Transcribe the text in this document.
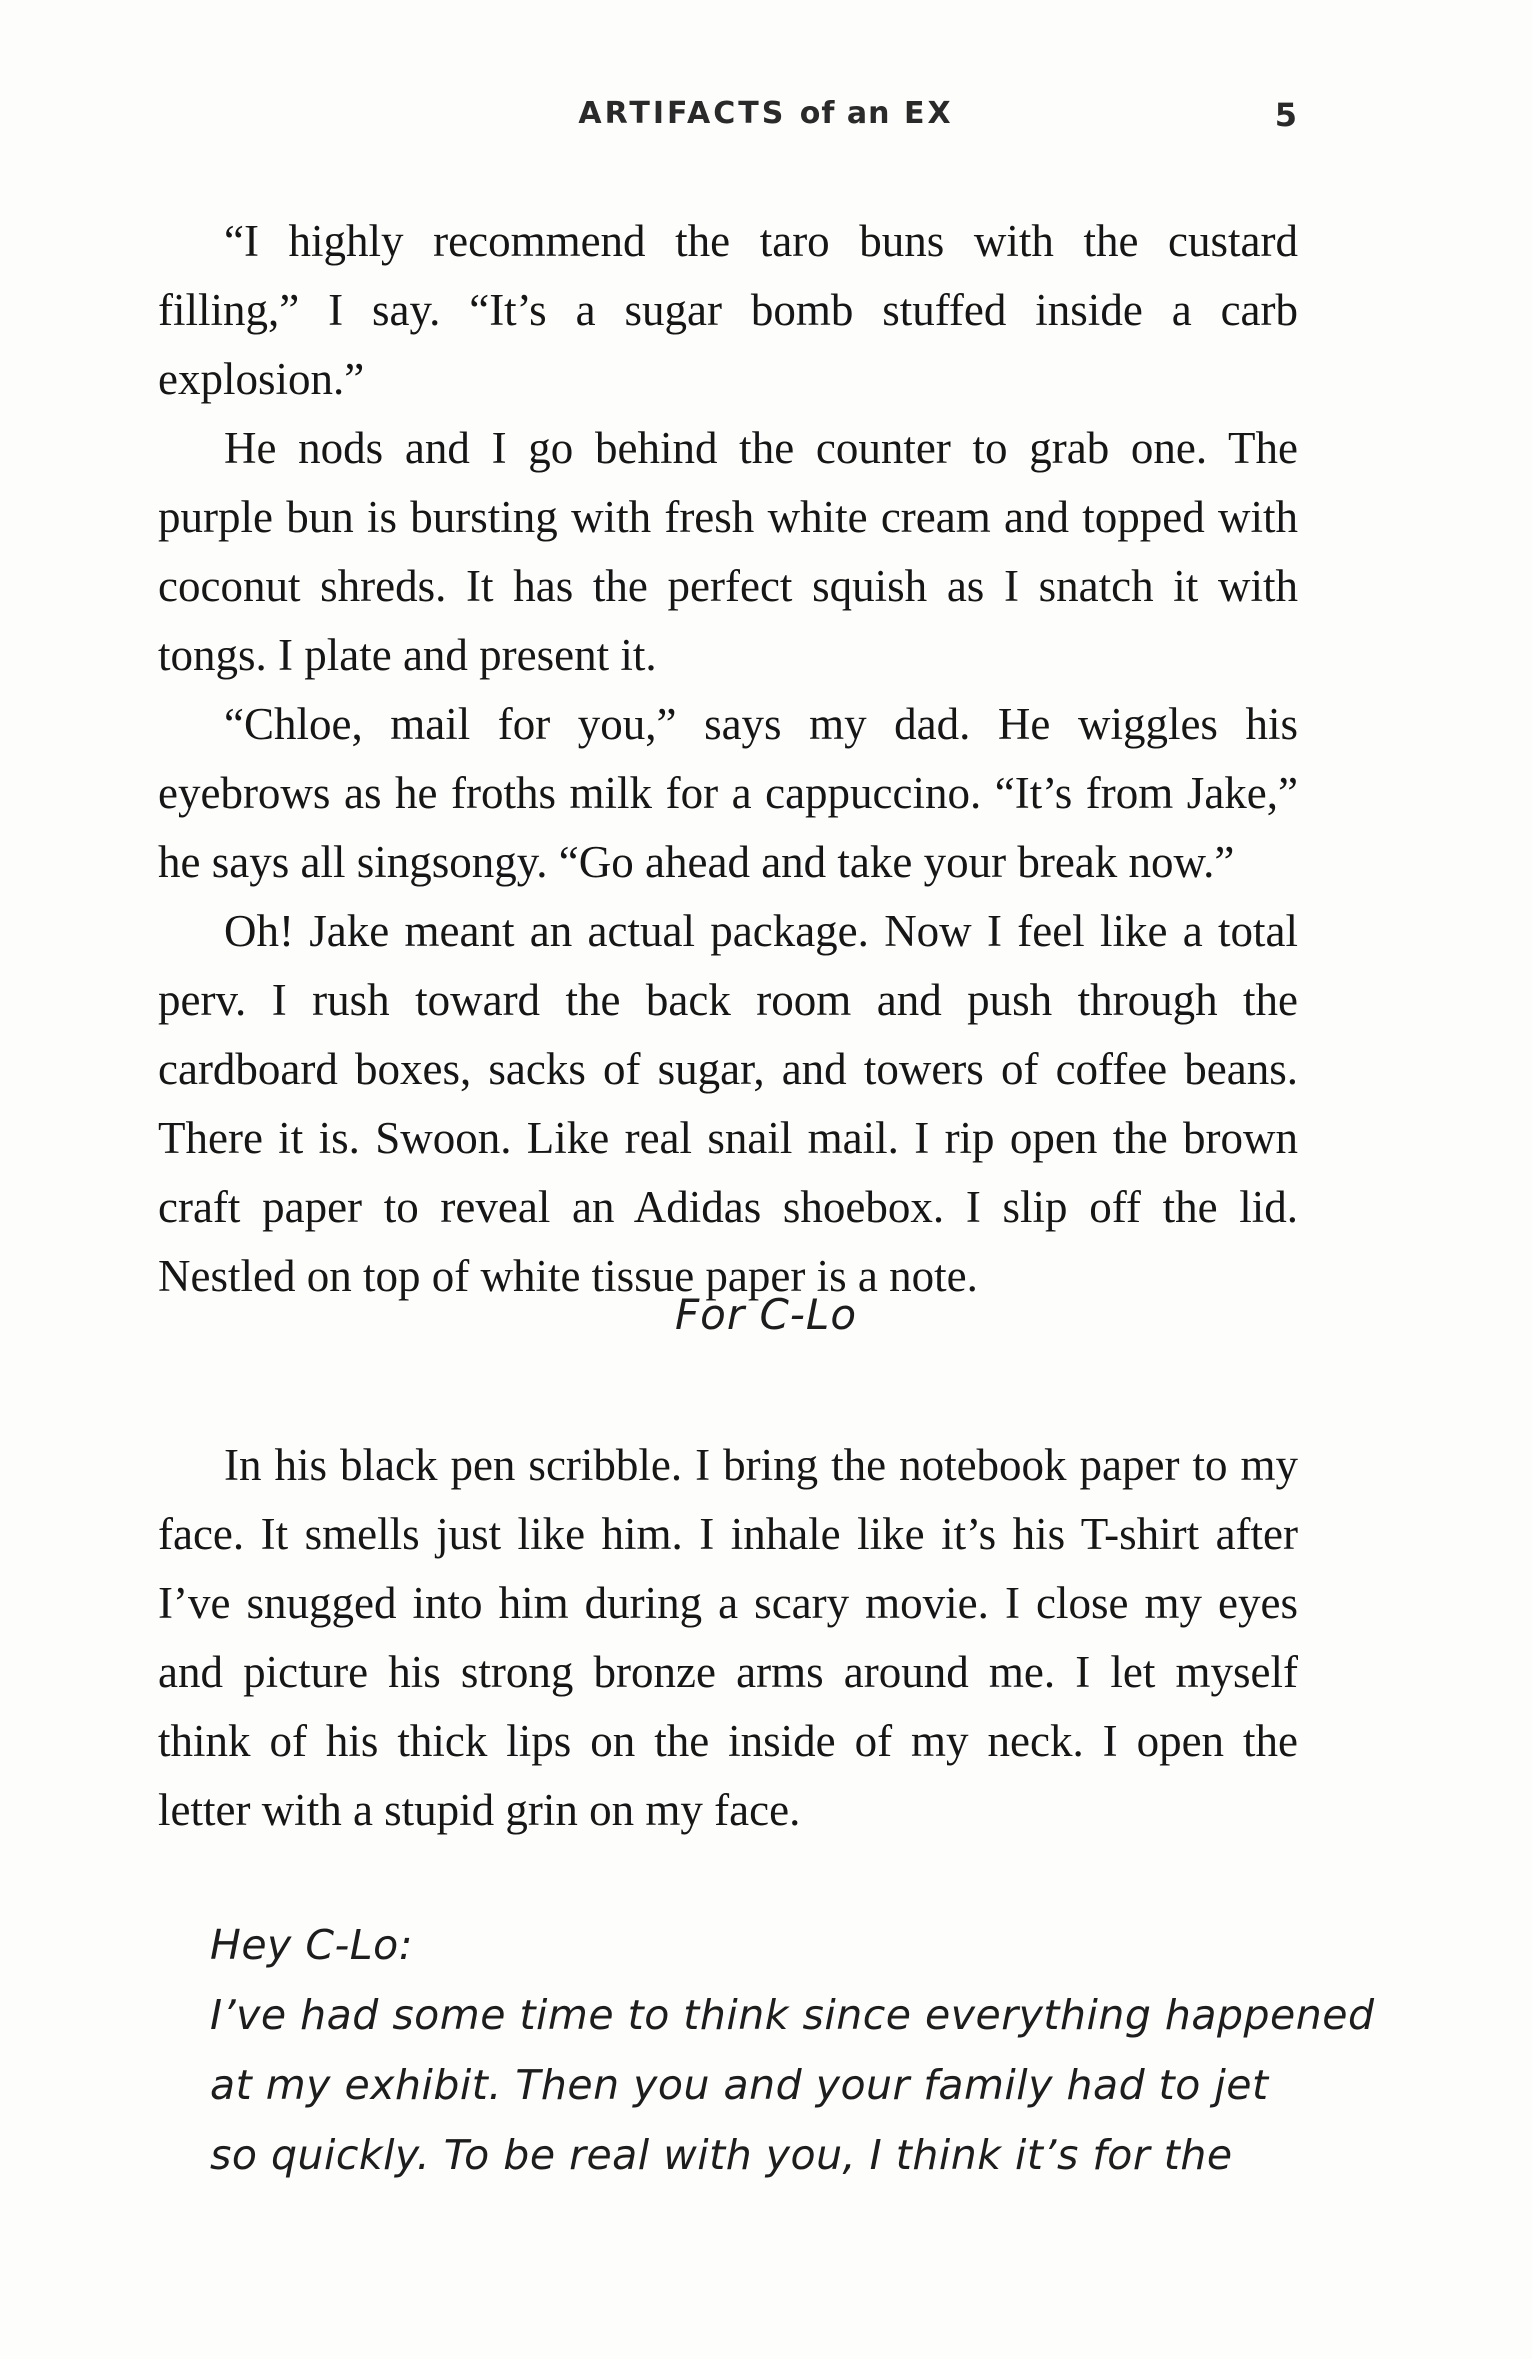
ARTIFACTS of an EX	5

“I highly recommend the taro buns with the custard filling,” I say. “It’s a sugar bomb stuffed inside a carb explosion.”

He nods and I go behind the counter to grab one. The purple bun is bursting with fresh white cream and topped with coconut shreds. It has the perfect squish as I snatch it with tongs. I plate and present it.

“Chloe, mail for you,” says my dad. He wiggles his eyebrows as he froths milk for a cappuccino. “It’s from Jake,” he says all singsongy. “Go ahead and take your break now.”

Oh! Jake meant an actual package. Now I feel like a total perv. I rush toward the back room and push through the cardboard boxes, sacks of sugar, and towers of coffee beans. There it is. Swoon. Like real snail mail. I rip open the brown craft paper to reveal an Adidas shoebox. I slip off the lid. Nestled on top of white tissue paper is a note.

For C-Lo

In his black pen scribble. I bring the notebook paper to my face. It smells just like him. I inhale like it’s his T-shirt after I’ve snugged into him during a scary movie. I close my eyes and picture his strong bronze arms around me. I let myself think of his thick lips on the inside of my neck. I open the letter with a stupid grin on my face.

Hey C-Lo:
I’ve had some time to think since everything happened
at my exhibit. Then you and your family had to jet
so quickly. To be real with you, I think it’s for the
